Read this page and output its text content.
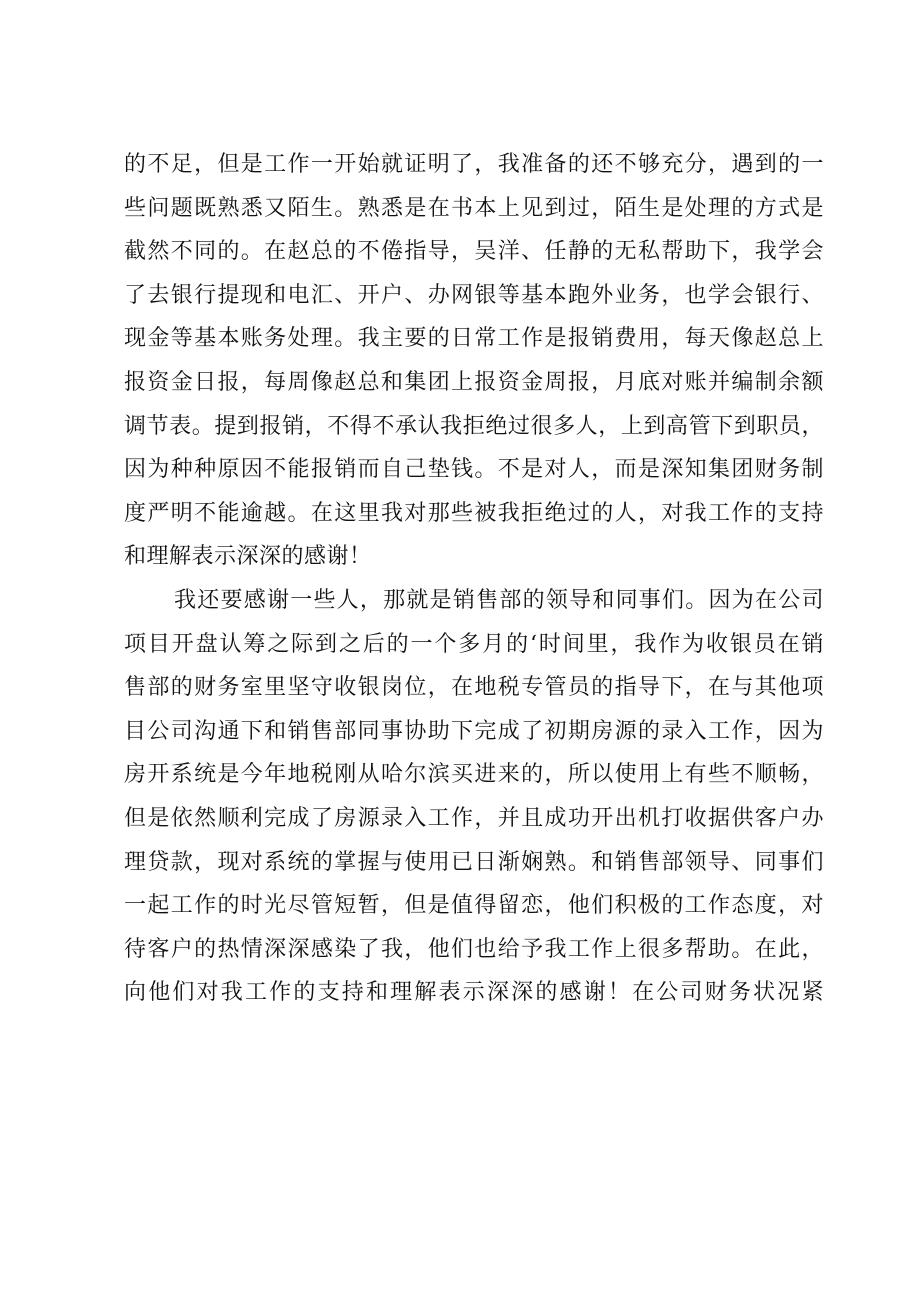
的不足，但是工作一开始就证明了，我准备的还不够充分，遇到的一
些问题既熟悉又陌生。熟悉是在书本上见到过，陌生是处理的方式是
截然不同的。在赵总的不倦指导，吴洋、任静的无私帮助下，我学会
了去银行提现和电汇、开户、办网银等基本跑外业务，也学会银行、
现金等基本账务处理。我主要的日常工作是报销费用，每天像赵总上
报资金日报，每周像赵总和集团上报资金周报，月底对账并编制余额
调节表。提到报销，不得不承认我拒绝过很多人，上到高管下到职员，
因为种种原因不能报销而自己垫钱。不是对人，而是深知集团财务制
度严明不能逾越。在这里我对那些被我拒绝过的人，对我工作的支持
和理解表示深深的感谢！
我还要感谢一些人，那就是销售部的领导和同事们。因为在公司
项目开盘认筹之际到之后的一个多月的‘时间里，我作为收银员在销
售部的财务室里坚守收银岗位，在地税专管员的指导下，在与其他项
目公司沟通下和销售部同事协助下完成了初期房源的录入工作，因为
房开系统是今年地税刚从哈尔滨买进来的，所以使用上有些不顺畅，
但是依然顺利完成了房源录入工作，并且成功开出机打收据供客户办
理贷款，现对系统的掌握与使用已日渐娴熟。和销售部领导、同事们
一起工作的时光尽管短暂，但是值得留恋，他们积极的工作态度，对
待客户的热情深深感染了我，他们也给予我工作上很多帮助。在此，
向他们对我工作的支持和理解表示深深的感谢！在公司财务状况紧
